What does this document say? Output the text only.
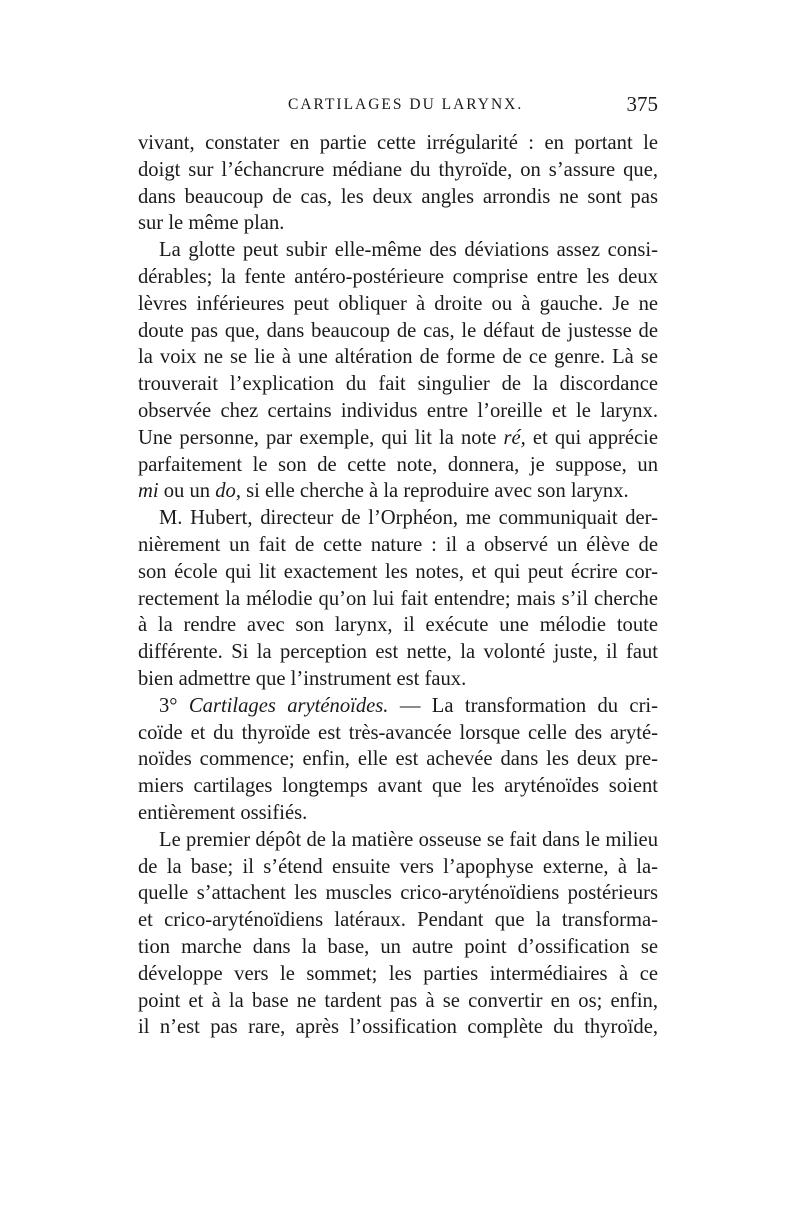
CARTILAGES DU LARYNX.	375
vivant, constater en partie cette irrégularité : en portant le
doigt sur l’échancrure médiane du thyroïde, on s’assure que,
dans beaucoup de cas, les deux angles arrondis ne sont pas
sur le même plan.
La glotte peut subir elle-même des déviations assez consi-
dérables; la fente antéro-postérieure comprise entre les deux
lèvres inférieures peut obliquer à droite ou à gauche. Je ne
doute pas que, dans beaucoup de cas, le défaut de justesse de
la voix ne se lie à une altération de forme de ce genre. Là se
trouverait l’explication du fait singulier de la discordance
observée chez certains individus entre l’oreille et le larynx.
Une personne, par exemple, qui lit la note ré, et qui apprécie
parfaitement le son de cette note, donnera, je suppose, un
mi ou un do, si elle cherche à la reproduire avec son larynx.
M. Hubert, directeur de l’Orphéon, me communiquait der-
nièrement un fait de cette nature : il a observé un élève de
son école qui lit exactement les notes, et qui peut écrire cor-
rectement la mélodie qu’on lui fait entendre; mais s’il cherche
à la rendre avec son larynx, il exécute une mélodie toute
différente. Si la perception est nette, la volonté juste, il faut
bien admettre que l’instrument est faux.
3° Cartilages aryténoïdes. — La transformation du cri-
coïde et du thyroïde est très-avancée lorsque celle des aryté-
noïdes commence; enfin, elle est achevée dans les deux pre-
miers cartilages longtemps avant que les aryténoïdes soient
entièrement ossifiés.
Le premier dépôt de la matière osseuse se fait dans le milieu
de la base; il s’étend ensuite vers l’apophyse externe, à la-
quelle s’attachent les muscles crico-aryténoïdiens postérieurs
et crico-aryténoïdiens latéraux. Pendant que la transforma-
tion marche dans la base, un autre point d’ossification se
développe vers le sommet; les parties intermédiaires à ce
point et à la base ne tardent pas à se convertir en os; enfin,
il n’est pas rare, après l’ossification complète du thyroïde,
